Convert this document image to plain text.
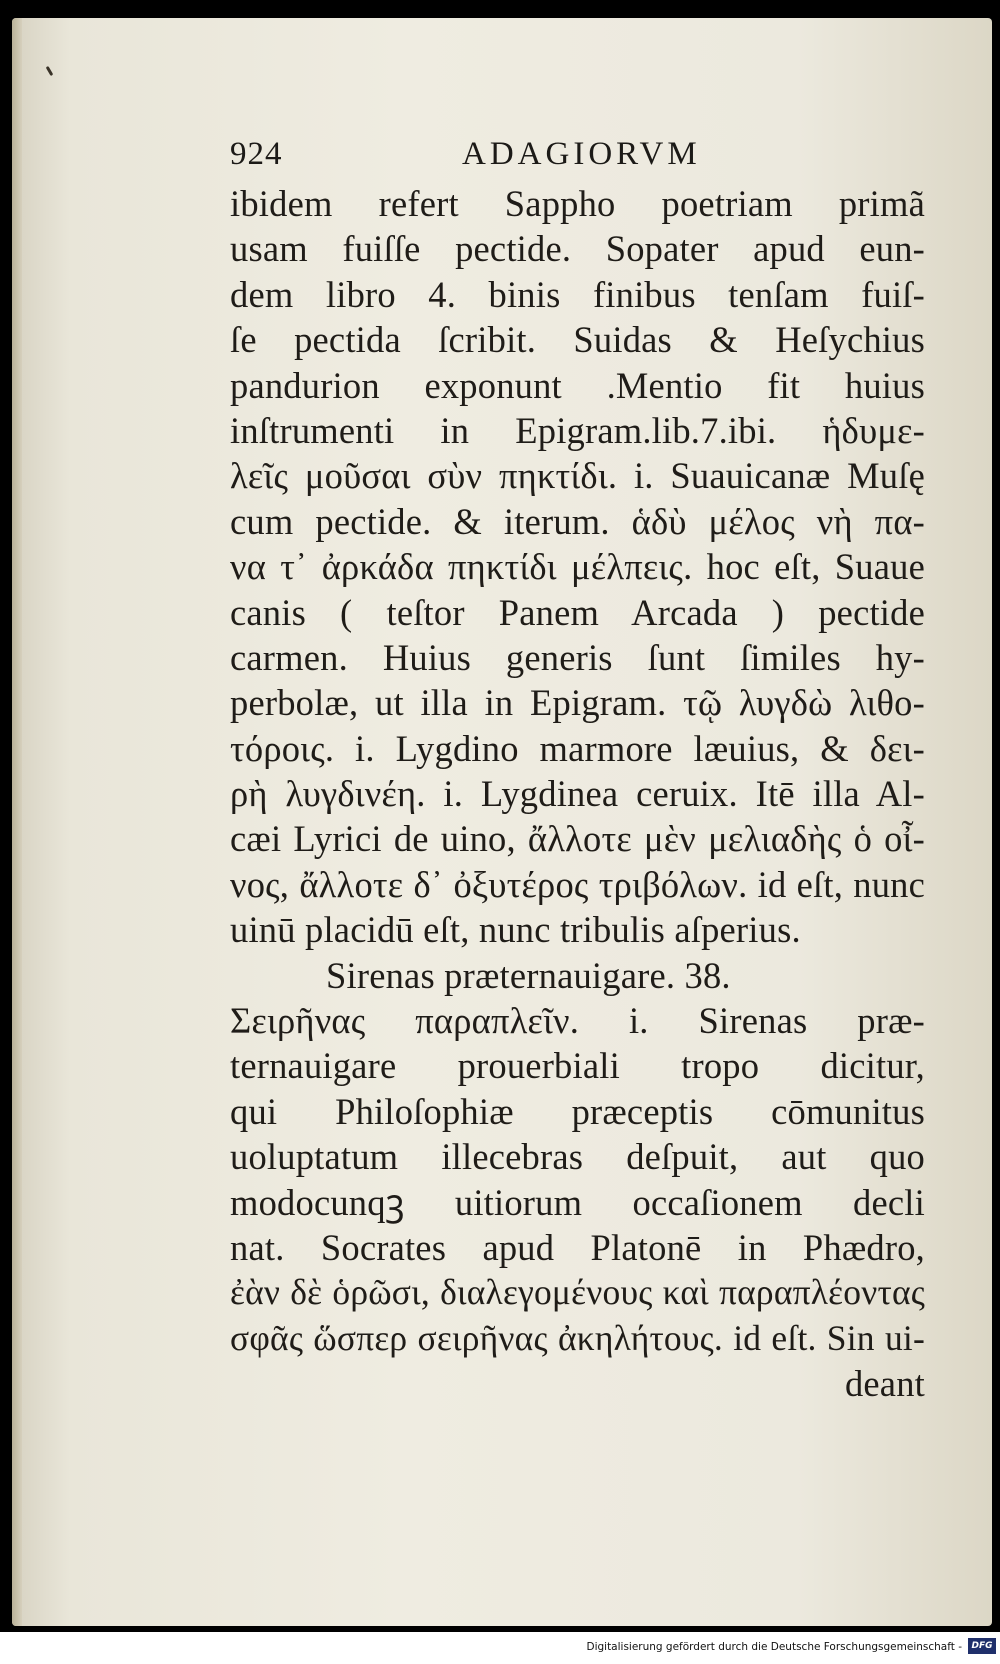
924	ADAGIORVM
ibidem refert Sappho poetriam primã
usam fuiſſe pectide. Sopater apud eun-
dem libro 4. binis finibus tenſam fuiſ-
ſe pectida ſcribit. Suidas & Heſychius
pandurion exponunt .Mentio fit huius
inſtrumenti in Epigram.lib.7.ibi. ἡδυμε-
λεῖς μοῦσαι σὺν πηκτίδι. i. Suauicanæ Muſę
cum pectide. & iterum. ἁδὺ μέλος νὴ πα-
να τ᾽ ἀρκάδα πηκτίδι μέλπεις. hoc eſt, Suaue
canis ( teſtor Panem Arcada ) pectide
carmen. Huius generis ſunt ſimiles hy-
perbolæ, ut illa in Epigram. τῷ λυγδὼ λιθο-
τόροις. i. Lygdino marmore læuius, & δει-
ρὴ λυγδινέη. i. Lygdinea ceruix. Itē illa Al-
cæi Lyrici de uino, ἄλλοτε μὲν μελιαδὴς ὁ οἶ-
νος, ἄλλοτε δ᾽ ὀξυτέρος τριβόλων. id eſt, nunc
uinū placidū eſt, nunc tribulis aſperius.
Sirenas præternauigare. 38.
Σειρῆνας παραπλεῖν. i. Sirenas præ-
ternauigare prouerbiali tropo dicitur,
qui Philoſophiæ præceptis cōmunitus
uoluptatum illecebras deſpuit, aut quo
modocunqꝫ uitiorum occaſionem decli
nat. Socrates apud Platonē in Phædro,
ἐὰν δὲ ὁρῶσι, διαλεγομένους καὶ παραπλέοντας
σφᾶς ὥσπερ σειρῆνας ἀκηλήτους. id eſt. Sin ui-
deant
Digitalisierung gefördert durch die Deutsche Forschungsgemeinschaft -	DFG
